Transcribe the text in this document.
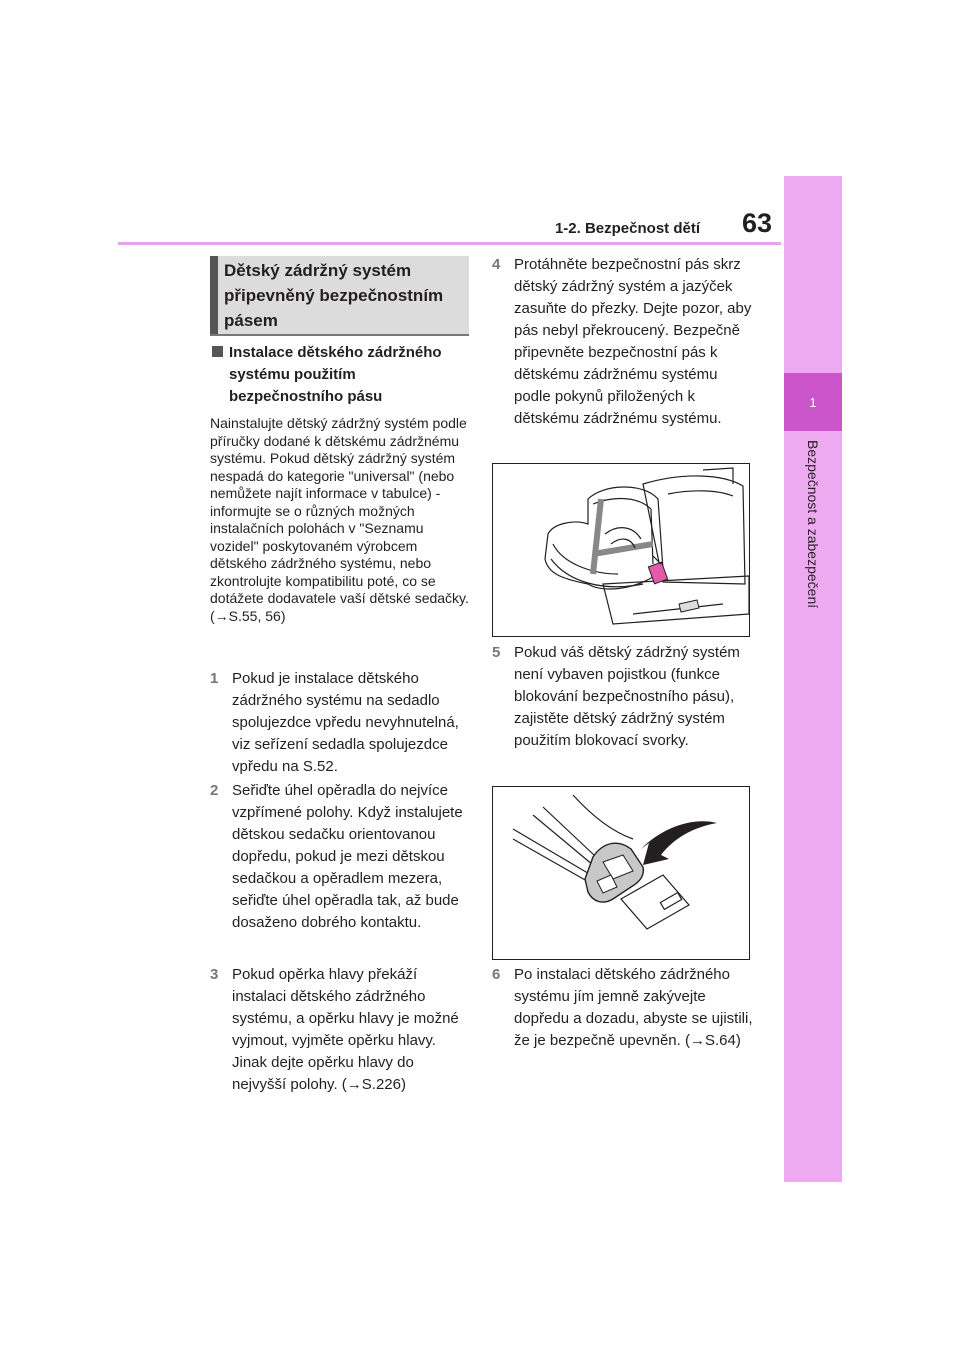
1-2. Bezpečnost dětí	63
1
Bezpečnost a zabezpečení
Dětský zádržný systém připevněný bezpečnostním pásem
Instalace dětského zádržného systému použitím bezpečnostního pásu
Nainstalujte dětský zádržný systém podle příručky dodané k dětskému zádržnému systému. Pokud dětský zádržný systém nespadá do kategorie "universal" (nebo nemůžete najít informace v tabulce) - informujte se o různých možných instalačních polohách v "Seznamu vozidel" poskytovaném výrobcem dětského zádržného systému, nebo zkontrolujte kompatibilitu poté, co se dotážete dodavatele vaší dětské sedačky. (→S.55, 56)
1 Pokud je instalace dětského zádržného systému na sedadlo spolujezdce vpředu nevyhnutelná, viz seřízení sedadla spolujezdce vpředu na S.52.
2 Seřiďte úhel opěradla do nejvíce vzpřímené polohy. Když instalujete dětskou sedačku orientovanou dopředu, pokud je mezi dětskou sedačkou a opěradlem mezera, seřiďte úhel opěradla tak, až bude dosaženo dobrého kontaktu.
3 Pokud opěrka hlavy překáží instalaci dětského zádržného systému, a opěrku hlavy je možné vyjmout, vyjměte opěrku hlavy. Jinak dejte opěrku hlavy do nejvyšší polohy. (→S.226)
4 Protáhněte bezpečnostní pás skrz dětský zádržný systém a jazýček zasuňte do přezky. Dejte pozor, aby pás nebyl překroucený. Bezpečně připevněte bezpečnostní pás k dětskému zádržnému systému podle pokynů přiložených k dětskému zádržnému systému.
5 Pokud váš dětský zádržný systém není vybaven pojistkou (funkce blokování bezpečnostního pásu), zajistěte dětský zádržný systém použitím blokovací svorky.
6 Po instalaci dětského zádržného systému jím jemně zakývejte dopředu a dozadu, abyste se ujistili, že je bezpečně upevněn. (→S.64)
